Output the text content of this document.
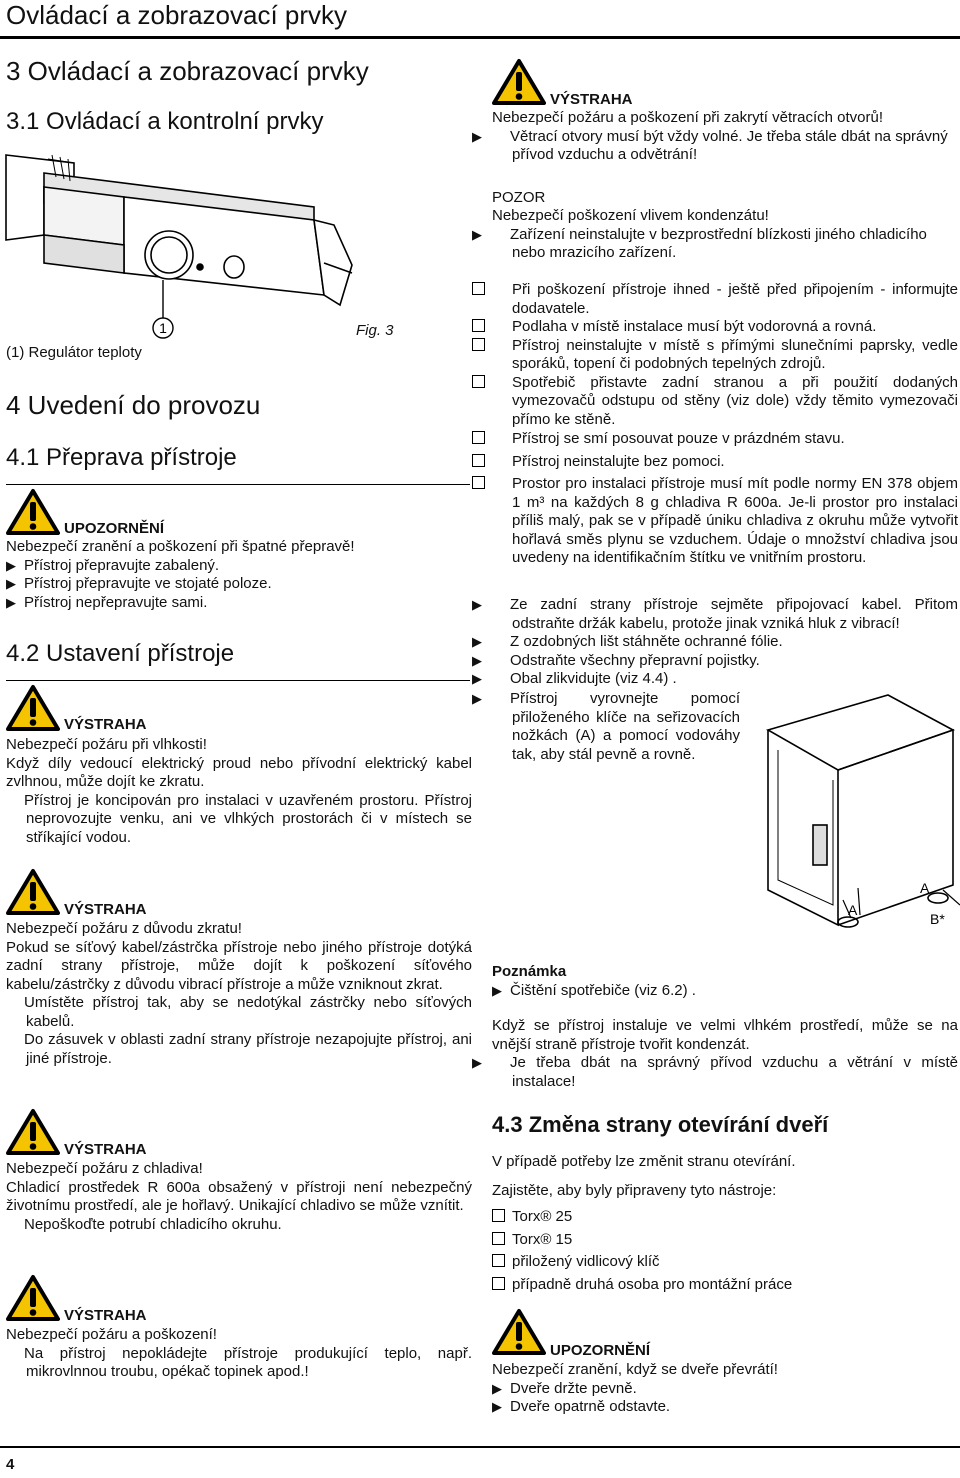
Ovládací a zobrazovací prvky
3 Ovládací a zobrazovací prvky
3.1 Ovládací a kontrolní prvky
1	Fig. 3
(1) Regulátor teploty
4 Uvedení do provozu
4.1 Přeprava přístroje
UPOZORNĚNÍ

Nebezpečí zranění a poškození při špatné přepravě!

▶ Přístroj přepravujte zabalený.

▶ Přístroj přepravujte ve stojaté poloze.

▶ Přístroj nepřepravujte sami.

4.2 Ustavení přístroje
VÝSTRAHA

Nebezpečí požáru při vlhkosti!

Když díly vedoucí elektrický proud nebo přívodní elektrický kabel zvlhnou, může dojít ke zkratu.

Přístroj je koncipován pro instalaci v uzavřeném prostoru. Přístroj neprovozujte venku, ani ve vlhkých prostorách či v místech se stříkající vodou.

VÝSTRAHA

Nebezpečí požáru z důvodu zkratu!

Pokud se síťový kabel/zástrčka přístroje nebo jiného přístroje dotýká zadní strany přístroje, může dojít k poškození síťového kabelu/zástrčky z důvodu vibrací přístroje a může vzniknout zkrat.

Umístěte přístroj tak, aby se nedotýkal zástrčky nebo síťových kabelů.

Do zásuvek v oblasti zadní strany přístroje nezapojujte přístroj, ani jiné přístroje.

VÝSTRAHA

Nebezpečí požáru z chladiva!

Chladicí prostředek R 600a obsažený v přístroji není nebezpečný životnímu prostředí, ale je hořlavý. Unikající chladivo se může vznítit.

Nepoškoďte potrubí chladicího okruhu.

VÝSTRAHA

Nebezpečí požáru a poškození!

Na přístroj nepokládejte přístroje produkující teplo, např. mikrovlnnou troubu, opékač topinek apod.!

VÝSTRAHA

Nebezpečí požáru a poškození při zakrytí větracích otvorů!

▶ Větrací otvory musí být vždy volné. Je třeba stále dbát na správný přívod vzduchu a odvětrání!

POZOR

Nebezpečí poškození vlivem kondenzátu!

▶ Zařízení neinstalujte v bezprostřední blízkosti jiného chladicího nebo mrazicího zařízení.

Při poškození přístroje ihned - ještě před připojením - informujte dodavatele.

Podlaha v místě instalace musí být vodorovná a rovná.

Přístroj neinstalujte v místě s přímými slunečními paprsky, vedle sporáků, topení či podobných tepelných zdrojů.

Spotřebič přistavte zadní stranou a při použití dodaných vymezovačů odstupu od stěny (viz dole) vždy těmito vymezovači přímo ke stěně.

Přístroj se smí posouvat pouze v prázdném stavu.

Přístroj neinstalujte bez pomoci.

Prostor pro instalaci přístroje musí mít podle normy EN 378 objem 1 m³ na každých 8 g chladiva R 600a. Je-li prostor pro instalaci příliš malý, pak se v případě úniku chladiva z okruhu může vytvořit hořlavá směs plynu se vzduchem. Údaje o množství chladiva jsou uvedeny na identifikačním štítku ve vnitřním prostoru.

▶ Ze zadní strany přístroje sejměte připojovací kabel. Přitom odstraňte držák kabelu, protože jinak vzniká hluk z vibrací!

▶ Z ozdobných lišt stáhněte ochranné fólie.

▶ Odstraňte všechny přepravní pojistky.

▶ Obal zlikvidujte (viz 4.4) .

▶ Přístroj vyrovnejte pomocí přiloženého klíče na seřizovacích nožkách (A) a pomocí vodováhy tak, aby stál pevně a rovně.

A
A
B*

Poznámka

▶ Čištění spotřebiče (viz 6.2) .

Když se přístroj instaluje ve velmi vlhkém prostředí, může se na vnější straně přístroje tvořit kondenzát.

▶ Je třeba dbát na správný přívod vzduchu a větrání v místě instalace!

4.3 Změna strany otevírání dveří
V případě potřeby lze změnit stranu otevírání.
Zajistěte, aby byly připraveny tyto nástroje:

Torx® 25

Torx® 15

přiložený vidlicový klíč

případně druhá osoba pro montážní práce

UPOZORNĚNÍ

Nebezpečí zranění, když se dveře převrátí!

▶ Dveře držte pevně.

▶ Dveře opatrně odstavte.

4
